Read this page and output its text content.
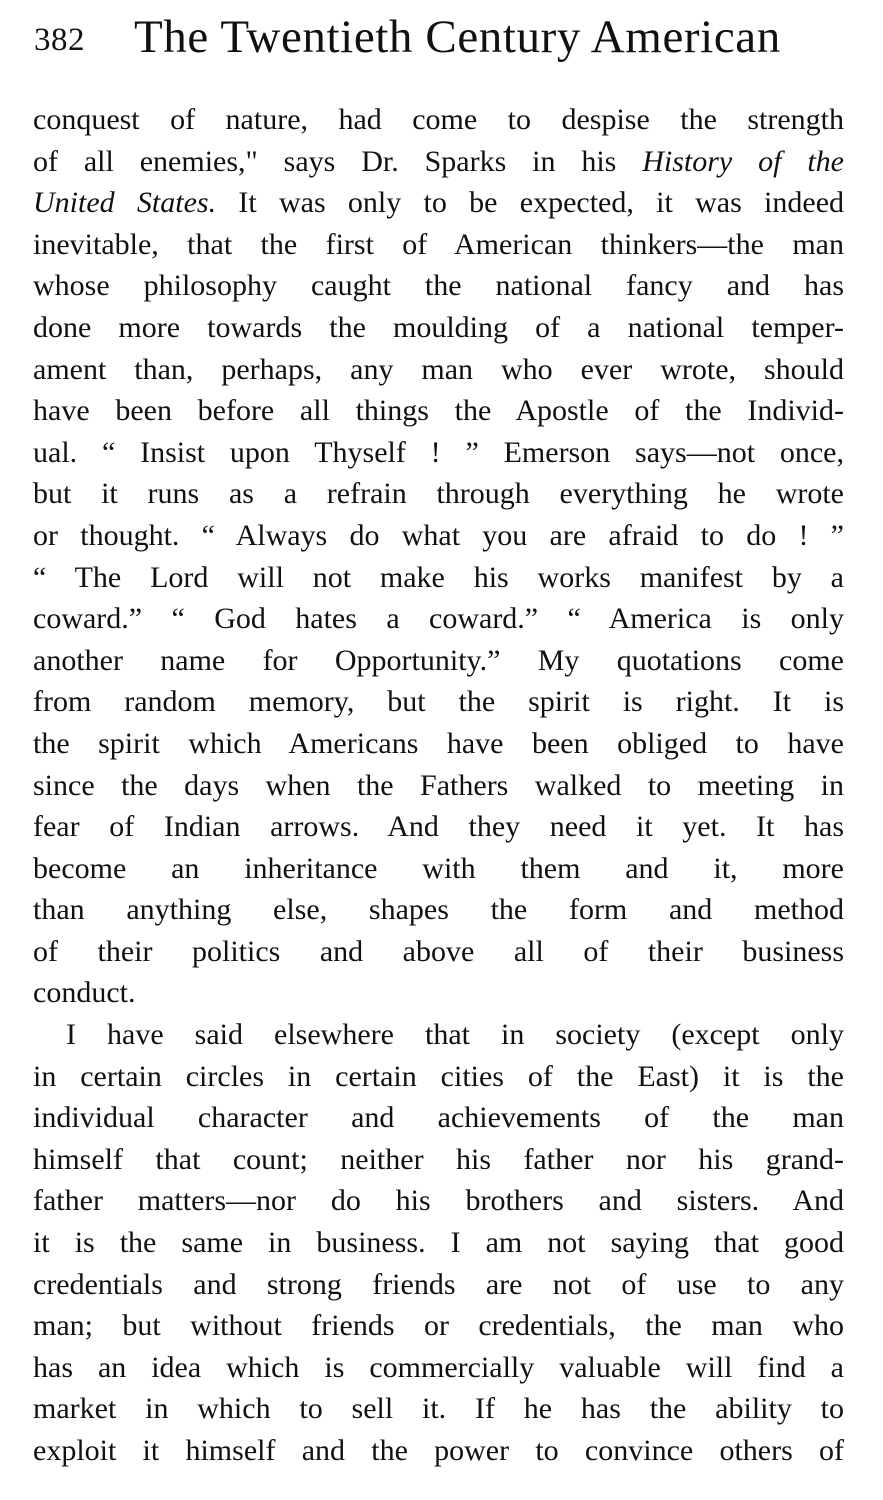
382 The Twentieth Century American
conquest of nature, had come to despise the strength
of all enemies," says Dr. Sparks in his History of the
United States. It was only to be expected, it was indeed
inevitable, that the first of American thinkers—the man
whose philosophy caught the national fancy and has
done more towards the moulding of a national temper-
ament than, perhaps, any man who ever wrote, should
have been before all things the Apostle of the Individ-
ual. “ Insist upon Thyself ! ” Emerson says—not once,
but it runs as a refrain through everything he wrote
or thought. “ Always do what you are afraid to do ! ”
“ The Lord will not make his works manifest by a
coward.” “ God hates a coward.” “ America is only
another name for Opportunity.” My quotations come
from random memory, but the spirit is right. It is
the spirit which Americans have been obliged to have
since the days when the Fathers walked to meeting in
fear of Indian arrows. And they need it yet. It has
become an inheritance with them and it, more
than anything else, shapes the form and method
of their politics and above all of their business
conduct.
I have said elsewhere that in society (except only
in certain circles in certain cities of the East) it is the
individual character and achievements of the man
himself that count; neither his father nor his grand-
father matters—nor do his brothers and sisters. And
it is the same in business. I am not saying that good
credentials and strong friends are not of use to any
man; but without friends or credentials, the man who
has an idea which is commercially valuable will find a
market in which to sell it. If he has the ability to
exploit it himself and the power to convince others of
